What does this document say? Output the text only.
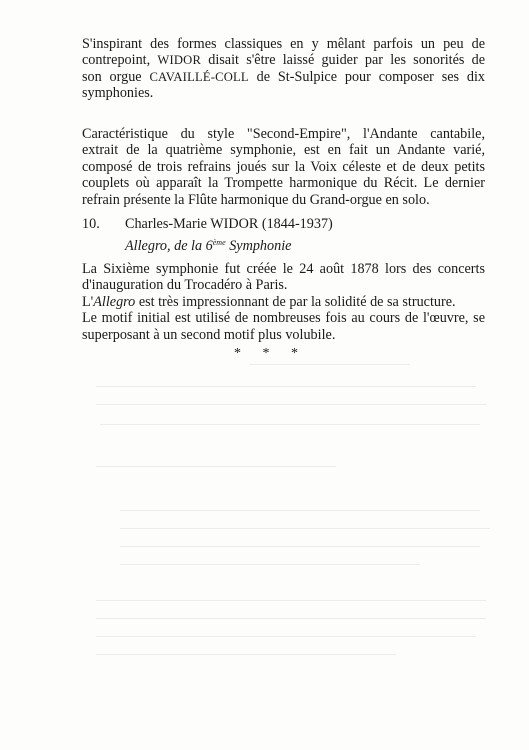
S'inspirant des formes classiques en y mêlant parfois un peu de
contrepoint, WIDOR disait s'être laissé guider par les sonorités de
son orgue CAVAILLÉ-COLL de St-Sulpice pour composer ses dix
symphonies.
Caractéristique du style "Second-Empire", l'Andante cantabile,
extrait de la quatrième symphonie, est en fait un Andante varié,
composé de trois refrains joués sur la Voix céleste et de deux petits
couplets où apparaît la Trompette harmonique du Récit. Le dernier
refrain présente la Flûte harmonique du Grand-orgue en solo.
10. Charles-Marie WIDOR (1844-1937)
Allegro, de la 6ème Symphonie
La Sixième symphonie fut créée le 24 août 1878 lors des concerts
d'inauguration du Trocadéro à Paris.
L'Allegro est très impressionnant de par la solidité de sa structure.
Le motif initial est utilisé de nombreuses fois au cours de l'œuvre, se
superposant à un second motif plus volubile.
* * *
